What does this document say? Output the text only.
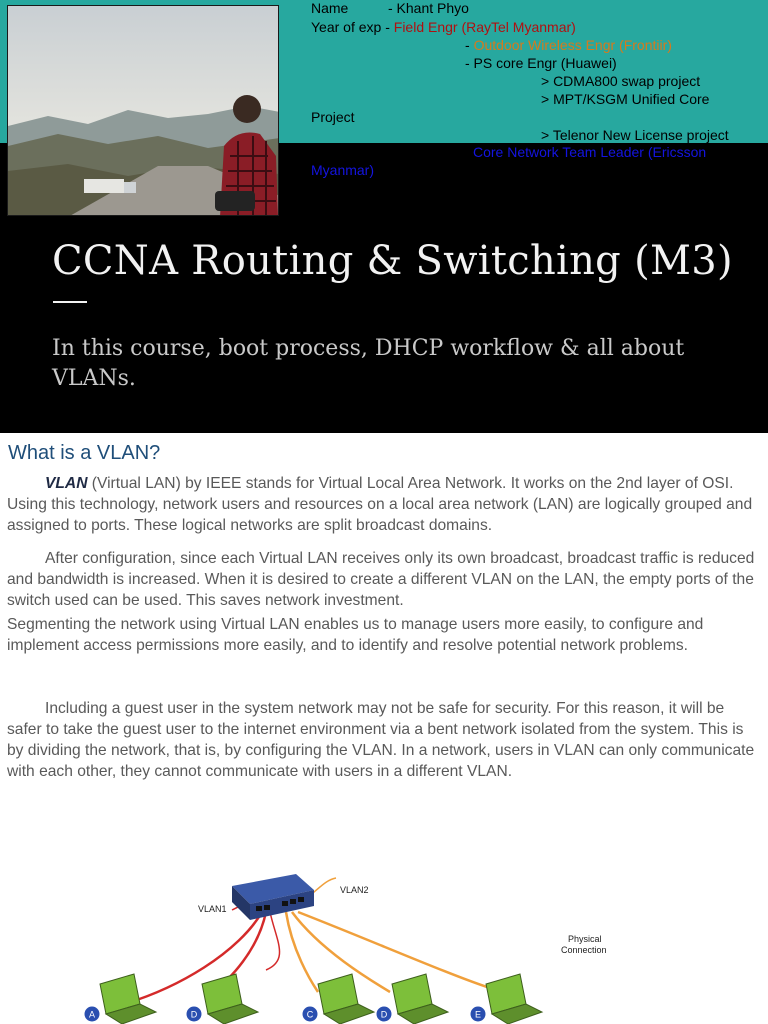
Name	- Khant Phyo
Year of exp - Field Engr (RayTel Myanmar)
- Outdoor Wireless Engr (Frontiir)
- PS core Engr (Huawei)
> CDMA800 swap project
> MPT/KSGM Unified Core
Project
> Telenor New License project
Core Network Team Leader (Ericsson
Myanmar)
CCNA Routing & Switching (M3)
In this course, boot process, DHCP workflow & all about VLANs.
What is a VLAN?
VLAN (Virtual LAN) by IEEE stands for Virtual Local Area Network. It works on the 2nd layer of OSI. Using this technology, network users and resources on a local area network (LAN) are logically grouped and assigned to ports. These logical networks are split broadcast domains.
After configuration, since each Virtual LAN receives only its own broadcast, broadcast traffic is reduced and bandwidth is increased. When it is desired to create a different VLAN on the LAN, the empty ports of the switch used can be used. This saves network investment.
Segmenting the network using Virtual LAN enables us to manage users more easily, to configure and implement access permissions more easily, and to identify and resolve potential network problems.
Including a guest user in the system network may not be safe for security. For this reason, it will be safer to take the guest user to the internet environment via a bent network isolated from the system. This is by dividing the network, that is, by configuring the VLAN. In a network, users in VLAN can only communicate with each other, they cannot communicate with users in a different VLAN.
VLAN1
VLAN2
Physical
Connection
A	D	C	D	E
